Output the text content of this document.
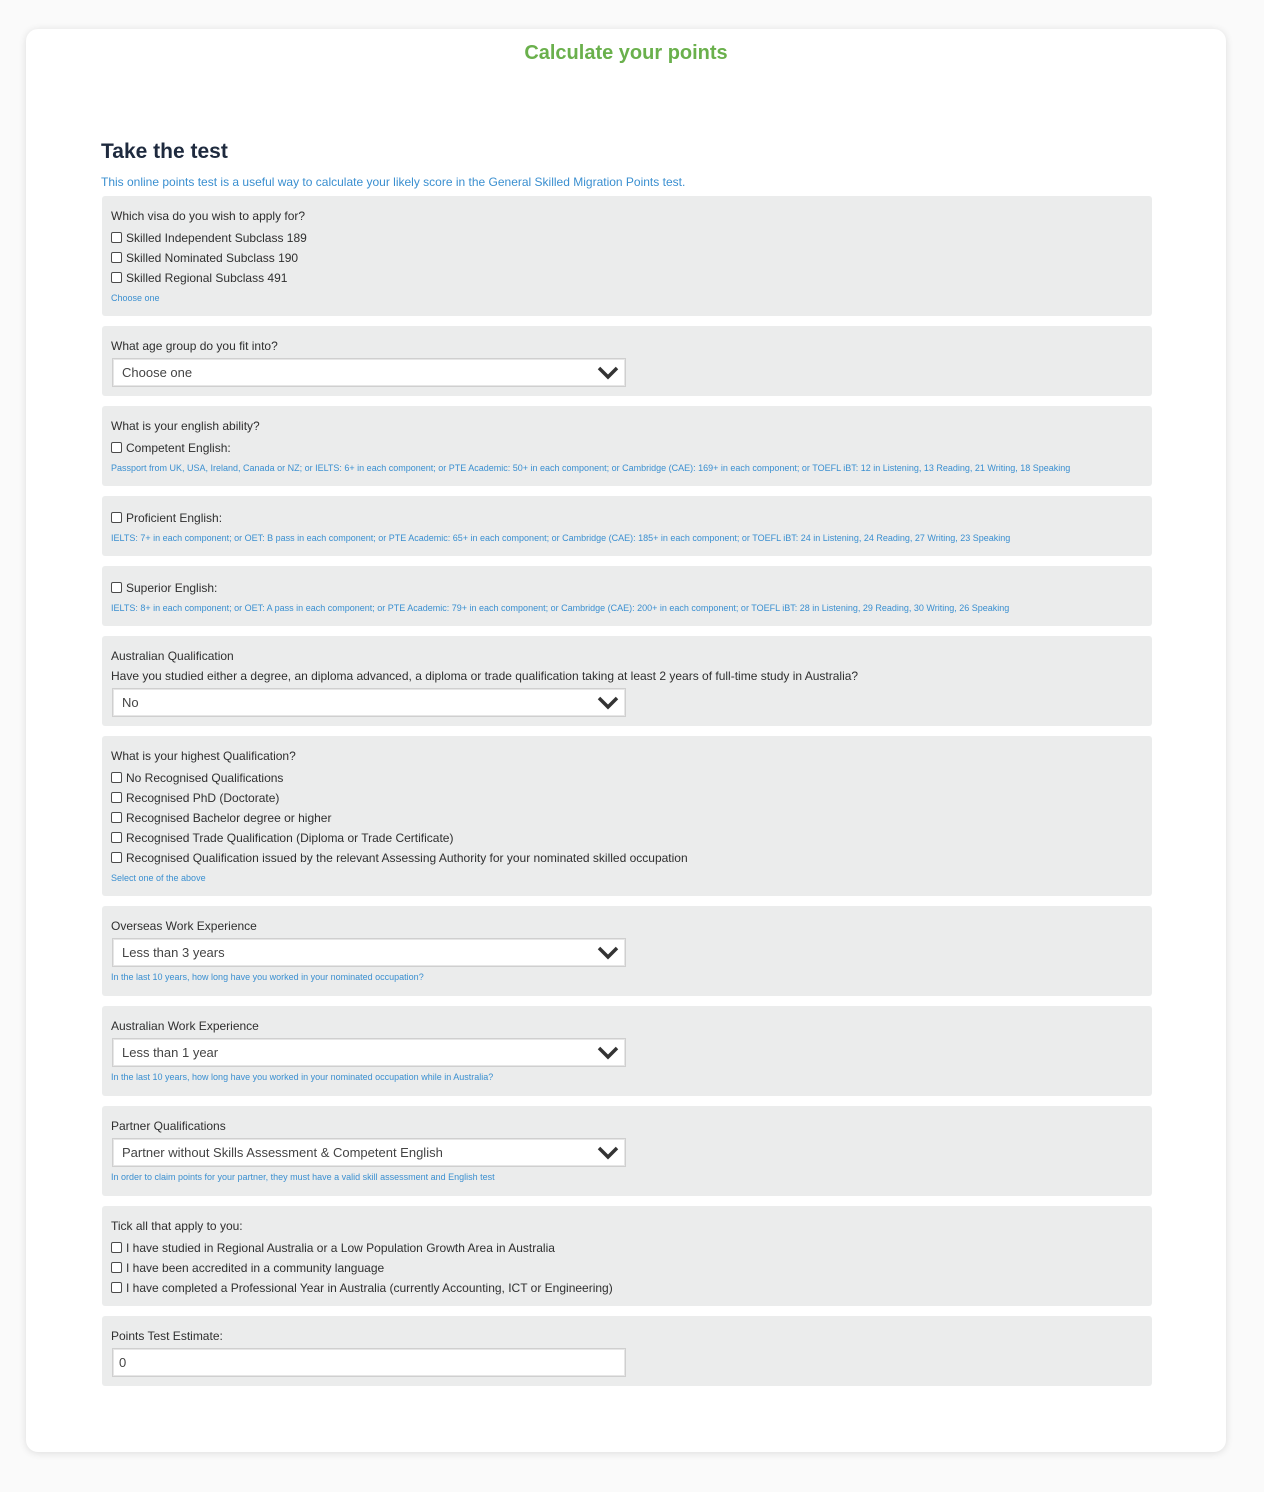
Calculate your points
Take the test
This online points test is a useful way to calculate your likely score in the General Skilled Migration Points test.
Which visa do you wish to apply for?
Skilled Independent Subclass 189
Skilled Nominated Subclass 190
Skilled Regional Subclass 491
Choose one
What age group do you fit into?
Choose one
What is your english ability?
Competent English:
Passport from UK, USA, Ireland, Canada or NZ; or IELTS: 6+ in each component; or PTE Academic: 50+ in each component; or Cambridge (CAE): 169+ in each component; or TOEFL iBT: 12 in Listening, 13 Reading, 21 Writing, 18 Speaking
Proficient English:
IELTS: 7+ in each component; or OET: B pass in each component; or PTE Academic: 65+ in each component; or Cambridge (CAE): 185+ in each component; or TOEFL iBT: 24 in Listening, 24 Reading, 27 Writing, 23 Speaking
Superior English:
IELTS: 8+ in each component; or OET: A pass in each component; or PTE Academic: 79+ in each component; or Cambridge (CAE): 200+ in each component; or TOEFL iBT: 28 in Listening, 29 Reading, 30 Writing, 26 Speaking
Australian Qualification
Have you studied either a degree, an diploma advanced, a diploma or trade qualification taking at least 2 years of full-time study in Australia?
No
What is your highest Qualification?
No Recognised Qualifications
Recognised PhD (Doctorate)
Recognised Bachelor degree or higher
Recognised Trade Qualification (Diploma or Trade Certificate)
Recognised Qualification issued by the relevant Assessing Authority for your nominated skilled occupation
Select one of the above
Overseas Work Experience
Less than 3 years
In the last 10 years, how long have you worked in your nominated occupation?
Australian Work Experience
Less than 1 year
In the last 10 years, how long have you worked in your nominated occupation while in Australia?
Partner Qualifications
Partner without Skills Assessment & Competent English
In order to claim points for your partner, they must have a valid skill assessment and English test
Tick all that apply to you:
I have studied in Regional Australia or a Low Population Growth Area in Australia
I have been accredited in a community language
I have completed a Professional Year in Australia (currently Accounting, ICT or Engineering)
Points Test Estimate:
0
